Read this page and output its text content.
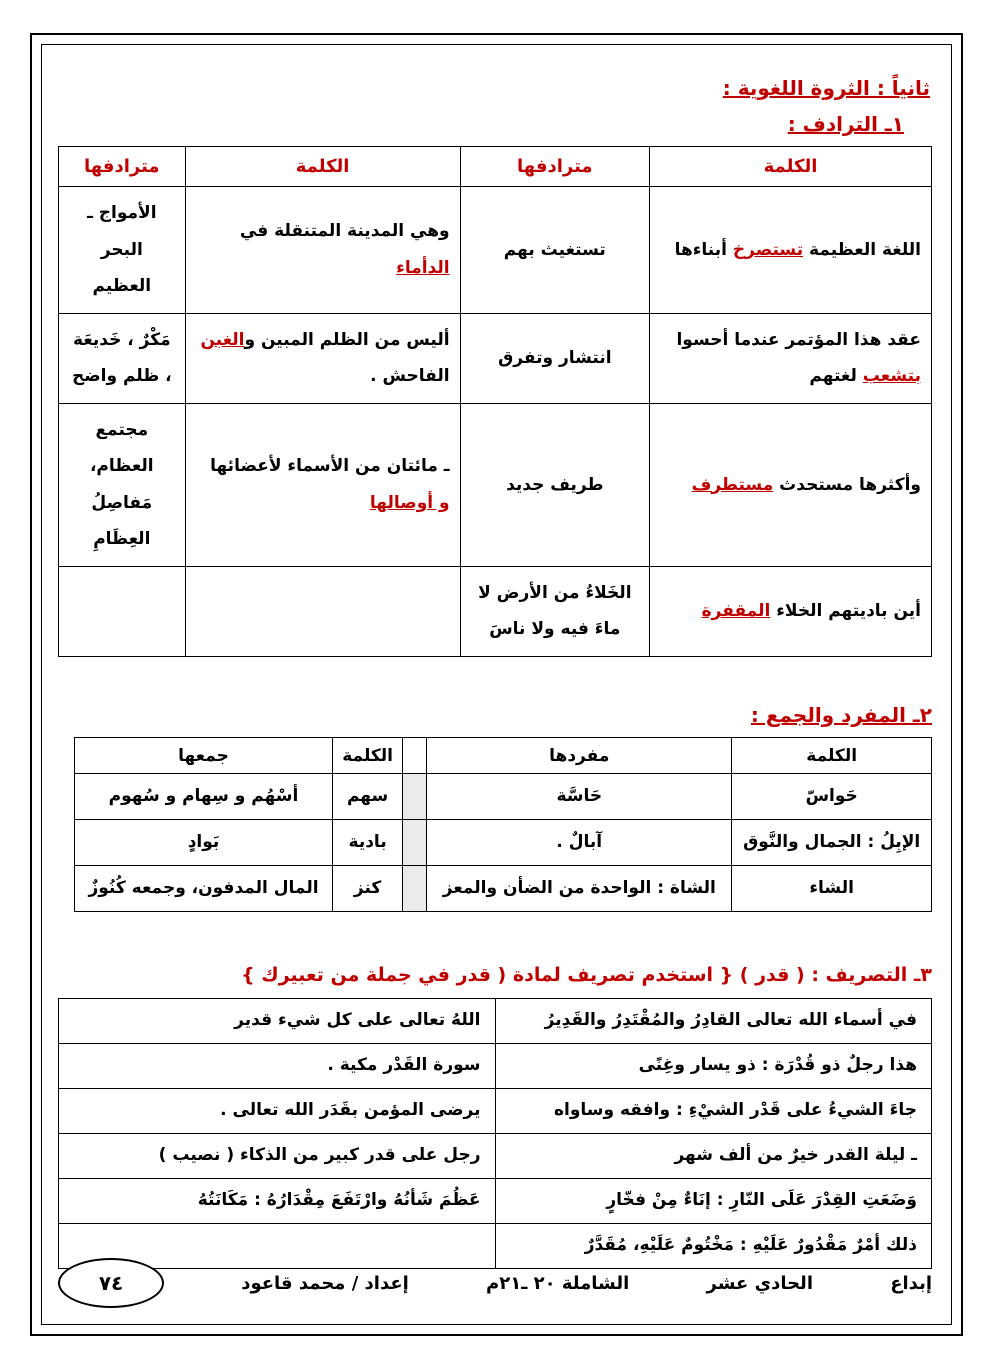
ثانياً : الثروة اللغوية :
١ـ الترادف :
الكلمة	مترادفها	الكلمة	مترادفها
اللغة العظيمة تستصرخ أبناءها	تستغيث بهم	وهي المدينة المتنقلة في الدأماء	الأمواج ـ البحر العظيم
عقد هذا المؤتمر عندما أحسوا بتشعب لغتهم	انتشار وتفرق	أليس من الظلم المبين والغبن الفاحش .	مَكْرٌ ، خَديعَة ، ظلم واضح
وأكثرها مستحدث مستطرف	طريف جديد	ـ مائتان من الأسماء لأعضائها و أوصالها	مجتمع العظام، مَفاصِلُ العِظَامِ
أين باديتهم الخلاء المقفرة	الخَلاءُ من الأرض لا ماءَ فيه ولا ناسَ		
٢ـ المفرد والجمع :
الكلمة	مفردها		الكلمة	جمعها
حَواسّ	حَاسَّة		سهم	أسْهُم و سِهام و سُهوم
الإبِلُ : الجمال والنَّوق	آبالٌ .		بادية	بَوادٍ
الشاء	الشاة : الواحدة من الضأن والمعز		كنز	المال المدفون، وجمعه كُنُوزٌ
٣ـ التصريف : ( قدر ) { استخدم تصريف لمادة ( قدر في جملة من تعبيرك }
في أسماء الله تعالى القادِرُ والمُقْتَدِرُ والقَدِيرُ	اللهُ تعالى على كل شيء قدير
هذا رجلٌ ذو قُدْرَة : ذو يسار وغِنًى	سورة القَدْر مكية .
جاءَ الشيءُ على قَدْر الشيْءِ : وافقه وساواه	يرضى المؤمن بقَدَر الله تعالى .
ـ ليلة القدر خيرٌ من ألف شهر	رجل على قدر كبير من الذكاء ( نصيب )
وَضَعَتِ القِدْرَ عَلَى النّارِ : إنَاءٌ مِنْ فخّارٍ	عَظُمَ شَأنُهُ وارْتَفَعَ مِقْدَارُهُ : مَكَانَتُهُ
ذلك أمْرٌ مَقْدُورٌ عَلَيْهِ : مَخْتُومٌ عَلَيْهِ، مُقَدَّرٌ	
إبداع
الحادي عشر
الشاملة ٢٠ ـ٢١م
إعداد / محمد قاعود
٧٤
